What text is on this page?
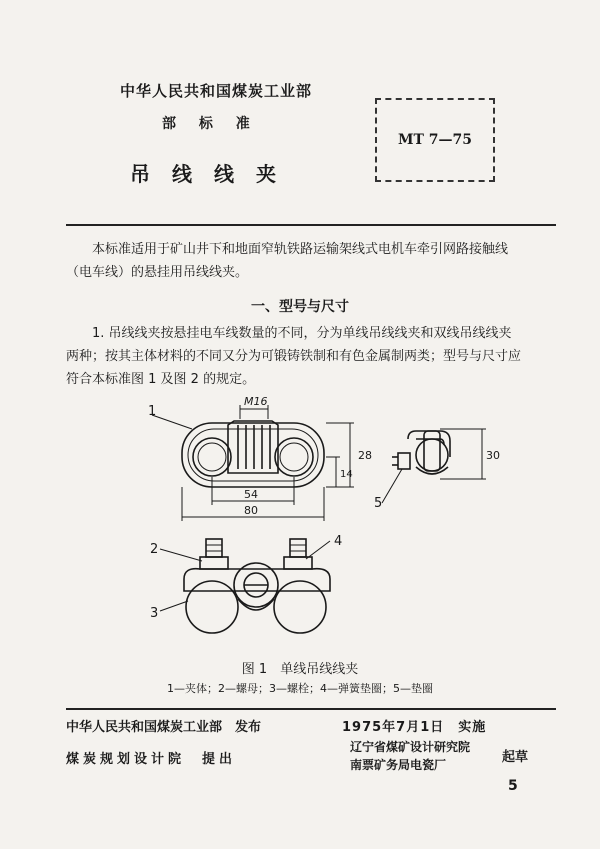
中华人民共和国煤炭工业部
部 标 准
吊线线夹
MT 7—75
本标准适用于矿山井下和地面窄轨铁路运输架线式电机车牵引网路接触线
（电车线）的悬挂用吊线线夹。
一、型号与尺寸
1. 吊线线夹按悬挂电车线数量的不同，分为单线吊线线夹和双线吊线线夹
两种；按其主体材料的不同又分为可锻铸铁制和有色金属制两类；型号与尺寸应
符合本标准图 1 及图 2 的规定。
M16
54
80
28
14
1
30
5
2
4
3
图 1　单线吊线线夹
1—夹体；2—螺母；3—螺栓；4—弹簧垫圈；5—垫圈
中华人民共和国煤炭工业部　发布
煤炭规划设计院　提出
1975年7月1日　实施
辽宁省煤矿设计研究院
南票矿务局电瓷厂	起草
5
